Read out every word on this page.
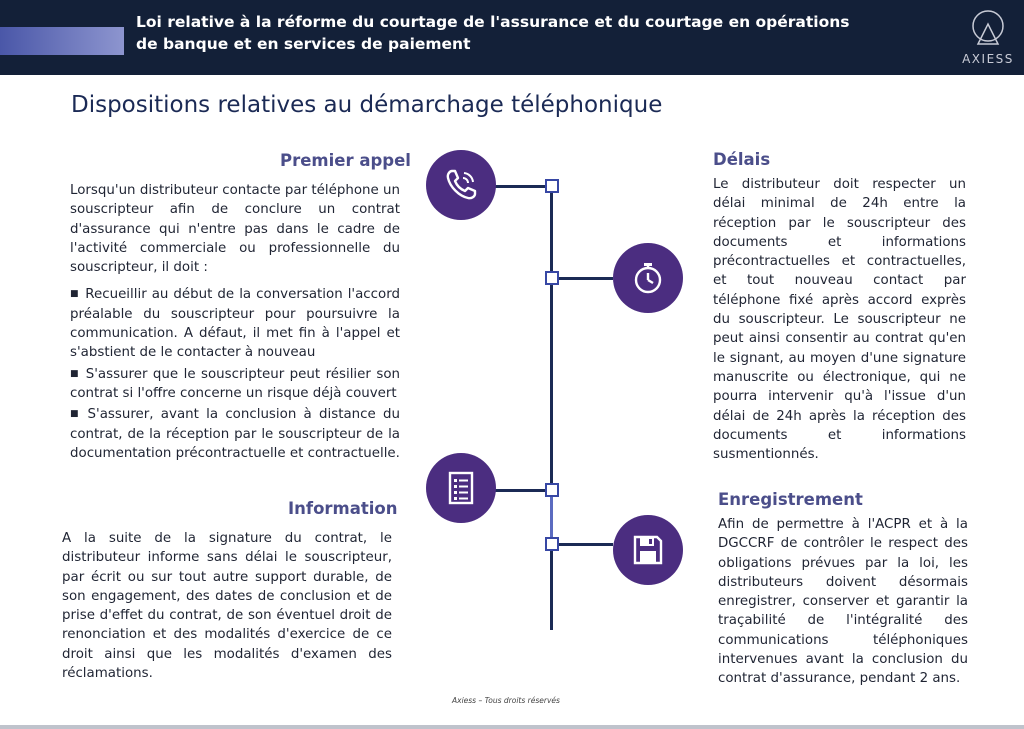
Loi relative à la réforme du courtage de l'assurance et du courtage en opérations de banque et en services de paiement
AXIESS
Dispositions relatives au démarchage téléphonique
Premier appel

Lorsqu'un distributeur contacte par téléphone un souscripteur afin de conclure un contrat d'assurance qui n'entre pas dans le cadre de l'activité commerciale ou professionnelle du souscripteur, il doit :

■ Recueillir au début de la conversation l'accord préalable du souscripteur pour poursuivre la communication. A défaut, il met fin à l'appel et s'abstient de le contacter à nouveau
■ S'assurer que le souscripteur peut résilier son contrat si l'offre concerne un risque déjà couvert
■ S'assurer, avant la conclusion à distance du contrat, de la réception par le souscripteur de la documentation précontractuelle et contractuelle.
Information

A la suite de la signature du contrat, le distributeur informe sans délai le souscripteur, par écrit ou sur tout autre support durable, de son engagement, des dates de conclusion et de prise d'effet du contrat, de son éventuel droit de renonciation et des modalités d'exercice de ce droit ainsi que les modalités d'examen des réclamations.

Délais

Le distributeur doit respecter un délai minimal de 24h entre la réception par le souscripteur des documents et informations précontractuelles et contractuelles, et tout nouveau contact par téléphone fixé après accord exprès du souscripteur. Le souscripteur ne peut ainsi consentir au contrat qu'en le signant, au moyen d'une signature manuscrite ou électronique, qui ne pourra intervenir qu'à l'issue d'un délai de 24h après la réception des documents et informations susmentionnés.

Enregistrement

Afin de permettre à l'ACPR et à la DGCCRF de contrôler le respect des obligations prévues par la loi, les distributeurs doivent désormais enregistrer, conserver et garantir la traçabilité de l'intégralité des communications téléphoniques intervenues avant la conclusion du contrat d'assurance, pendant 2 ans.

Axiess – Tous droits réservés
